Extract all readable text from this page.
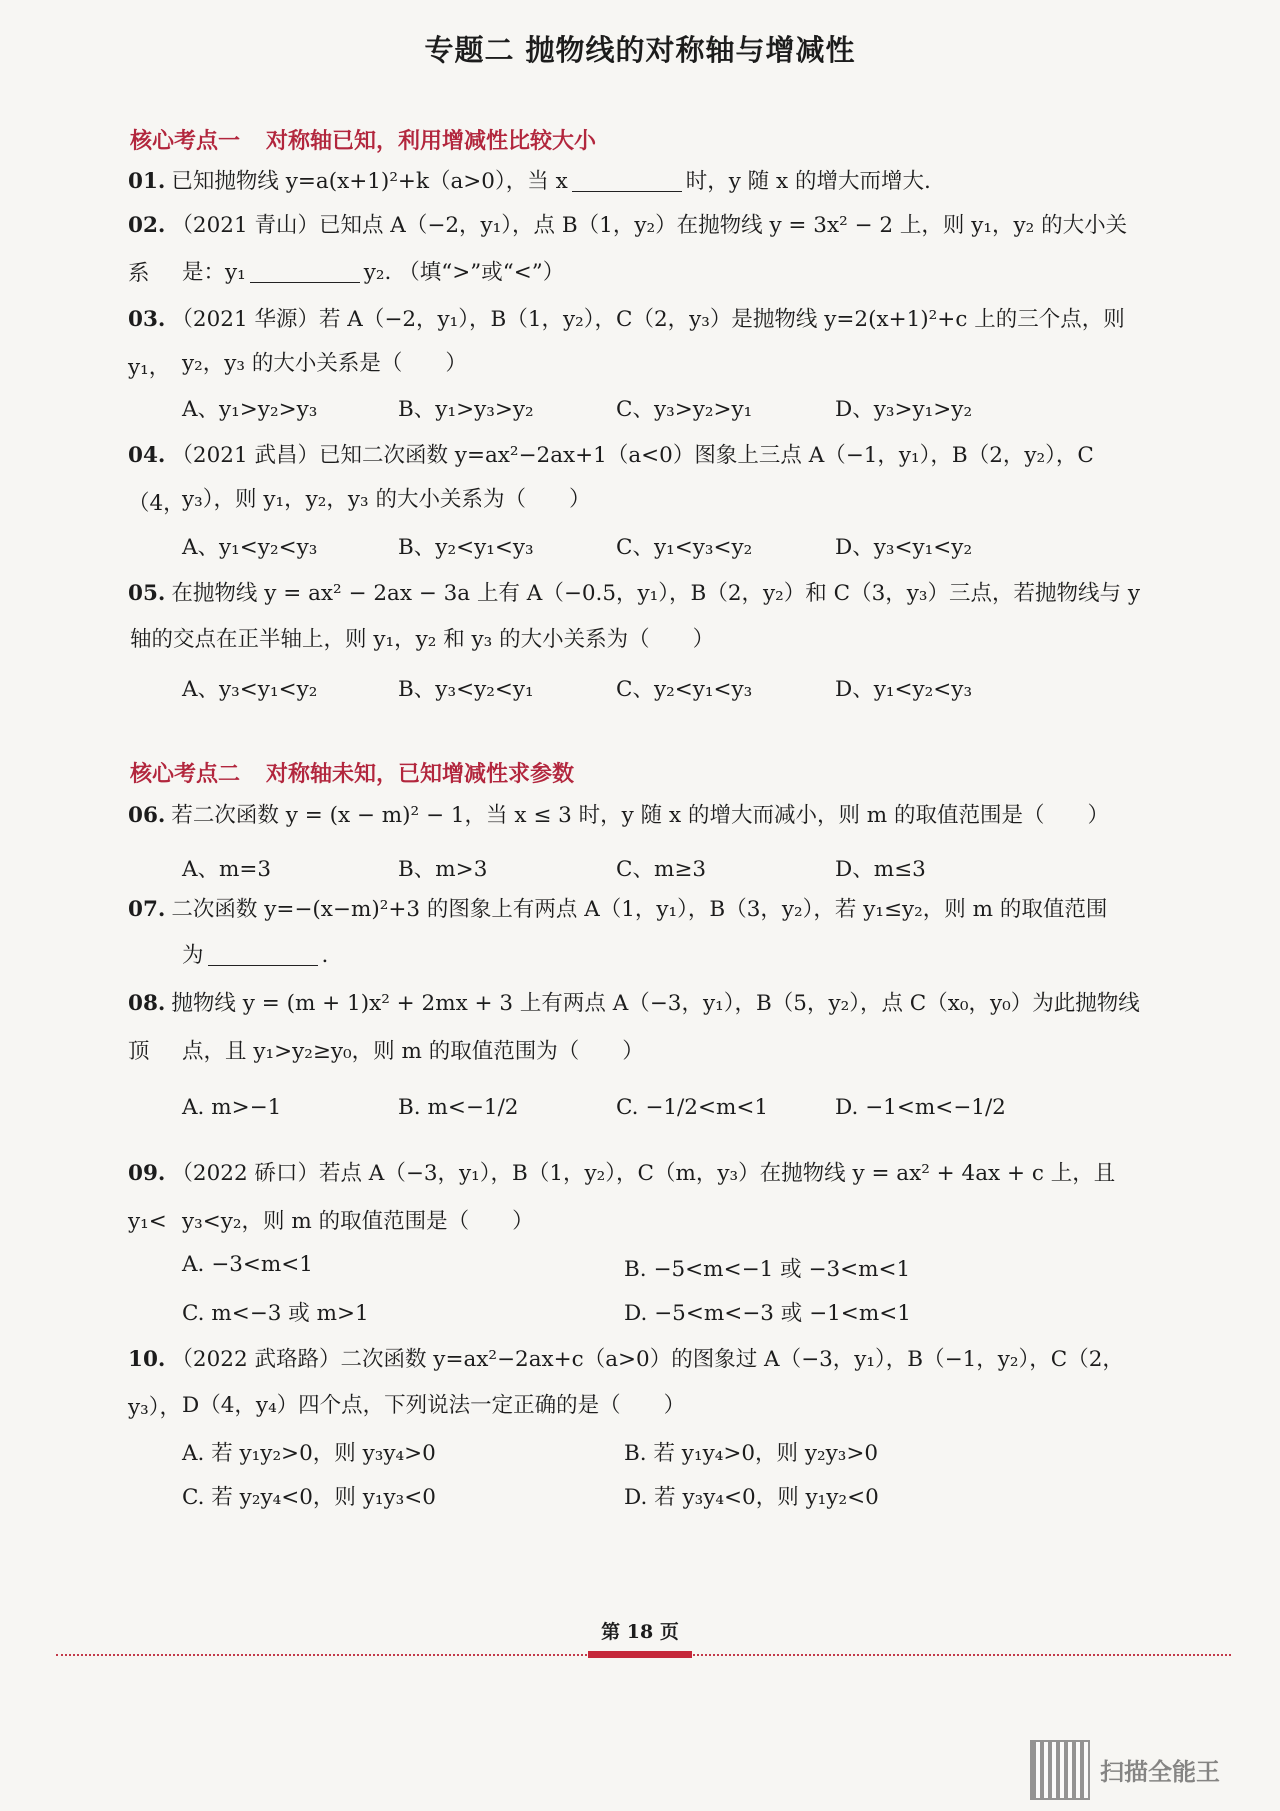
专题二 抛物线的对称轴与增减性
核心考点一 对称轴已知，利用增减性比较大小
01. 已知抛物线 y=a(x+1)²+k（a>0），当 x	时，y 随 x 的增大而增大.
02. （2021 青山）已知点 A（−2，y₁），点 B（1，y₂）在抛物线 y = 3x² − 2 上，则 y₁，y₂ 的大小关系	是：y₁	y₂. （填“>”或“<”）
03. （2021 华源）若 A（−2，y₁），B（1，y₂），C（2，y₃）是抛物线 y=2(x+1)²+c 上的三个点，则 y₁， y₂，y₃ 的大小关系是（　　）
A、y₁>y₂>y₃	B、y₁>y₃>y₂	C、y₃>y₂>y₁	D、y₃>y₁>y₂
04. （2021 武昌）已知二次函数 y=ax²−2ax+1（a<0）图象上三点 A（−1，y₁），B（2，y₂），C（4，
y₃），则 y₁，y₂，y₃ 的大小关系为（　　）
A、y₁<y₂<y₃	B、y₂<y₁<y₃	C、y₁<y₃<y₂	D、y₃<y₁<y₂
05. 在抛物线 y = ax² − 2ax − 3a 上有 A（−0.5，y₁），B（2，y₂）和 C（3，y₃）三点，若抛物线与 y
轴的交点在正半轴上，则 y₁，y₂ 和 y₃ 的大小关系为（　　）
A、y₃<y₁<y₂	B、y₃<y₂<y₁	C、y₂<y₁<y₃	D、y₁<y₂<y₃
核心考点二 对称轴未知，已知增减性求参数
06. 若二次函数 y = (x − m)² − 1，当 x ≤ 3 时，y 随 x 的增大而减小，则 m 的取值范围是（　　）
A、m=3	B、m>3	C、m≥3	D、m≤3
07. 二次函数 y=−(x−m)²+3 的图象上有两点 A（1，y₁），B（3，y₂），若 y₁≤y₂，则 m 的取值范围
为	.
08. 抛物线 y = (m + 1)x² + 2mx + 3 上有两点 A（−3，y₁），B（5，y₂），点 C（x₀，y₀）为此抛物线顶	点，且 y₁>y₂≥y₀，则 m 的取值范围为（　　）
A. m>−1	B. m<−1/2	C. −1/2<m<1	D. −1<m<−1/2
09. （2022 硚口）若点 A（−3，y₁），B（1，y₂），C（m，y₃）在抛物线 y = ax² + 4ax + c 上，且 y₁< y₃<y₂，则 m 的取值范围是（　　）
A. −3<m<1	B. −5<m<−1 或 −3<m<1
C. m<−3 或 m>1	D. −5<m<−3 或 −1<m<1
10. （2022 武珞路）二次函数 y=ax²−2ax+c（a>0）的图象过 A（−3，y₁），B（−1，y₂），C（2，y₃）， D（4，y₄）四个点，下列说法一定正确的是（　　）
A. 若 y₁y₂>0，则 y₃y₄>0	B. 若 y₁y₄>0，则 y₂y₃>0
C. 若 y₂y₄<0，则 y₁y₃<0	D. 若 y₃y₄<0，则 y₁y₂<0
第 18 页
扫描全能王
